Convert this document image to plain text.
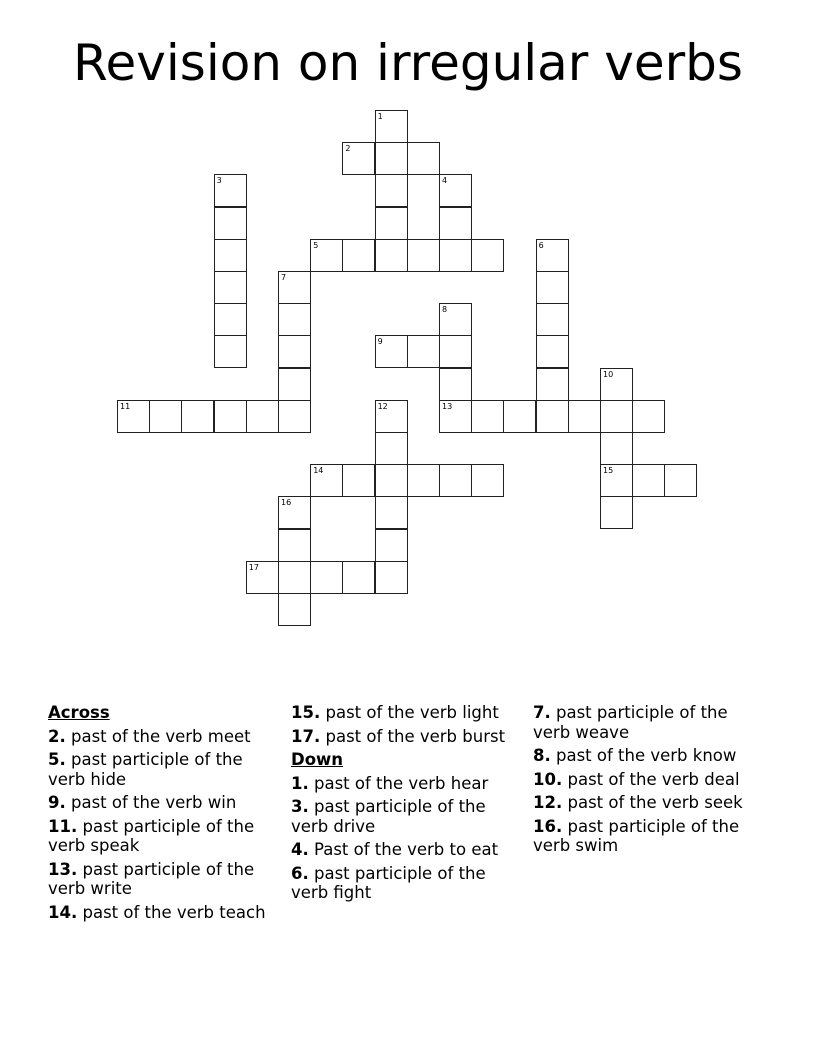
Revision on irregular verbs
1
2
3	4
5	6
7
8
9
10
11	12	13
14	15
16
17
Across
2. past of the verb meet
5. past participle of the verb hide
9. past of the verb win
11. past participle of the verb speak
13. past participle of the verb write
14. past of the verb teach
15. past of the verb light
17. past of the verb burst
Down
1. past of the verb hear
3. past participle of the verb drive
4. Past of the verb to eat
6. past participle of the verb fight
7. past participle of the verb weave
8. past of the verb know
10. past of the verb deal
12. past of the verb seek
16. past participle of the verb swim
